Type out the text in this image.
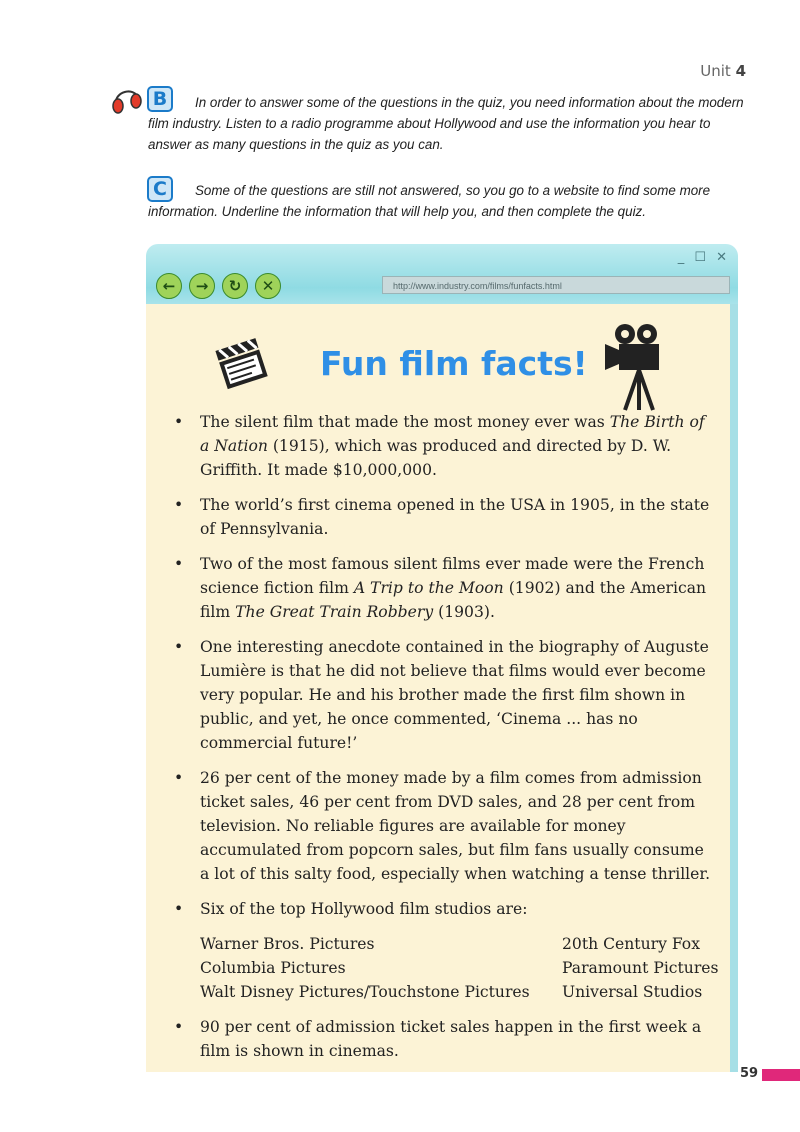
Unit 4
B	In order to answer some of the questions in the quiz, you need information about the modern film industry. Listen to a radio programme about Hollywood and use the information you hear to answer as many questions in the quiz as you can.
C	Some of the questions are still not answered, so you go to a website to find some more information. Underline the information that will help you, and then complete the quiz.
_ ☐ ✕
←	→	↻	✕	http://www.industry.com/films/funfacts.html
Fun film facts!
• The silent film that made the most money ever was The Birth of a Nation (1915), which was produced and directed by D. W. Griffith. It made $10,000,000.
• The world’s first cinema opened in the USA in 1905, in the state of Pennsylvania.
• Two of the most famous silent films ever made were the French science fiction film A Trip to the Moon (1902) and the American film The Great Train Robbery (1903).
• One interesting anecdote contained in the biography of Auguste Lumière is that he did not believe that films would ever become very popular. He and his brother made the first film shown in public, and yet, he once commented, ‘Cinema ... has no commercial future!’
• 26 per cent of the money made by a film comes from admission ticket sales, 46 per cent from DVD sales, and 28 per cent from television. No reliable figures are available for money accumulated from popcorn sales, but film fans usually consume a lot of this salty food, especially when watching a tense thriller.
• Six of the top Hollywood film studios are:
Warner Bros. Pictures	20th Century Fox
Columbia Pictures	Paramount Pictures
Walt Disney Pictures/Touchstone Pictures	Universal Studios
• 90 per cent of admission ticket sales happen in the first week a film is shown in cinemas.
59
